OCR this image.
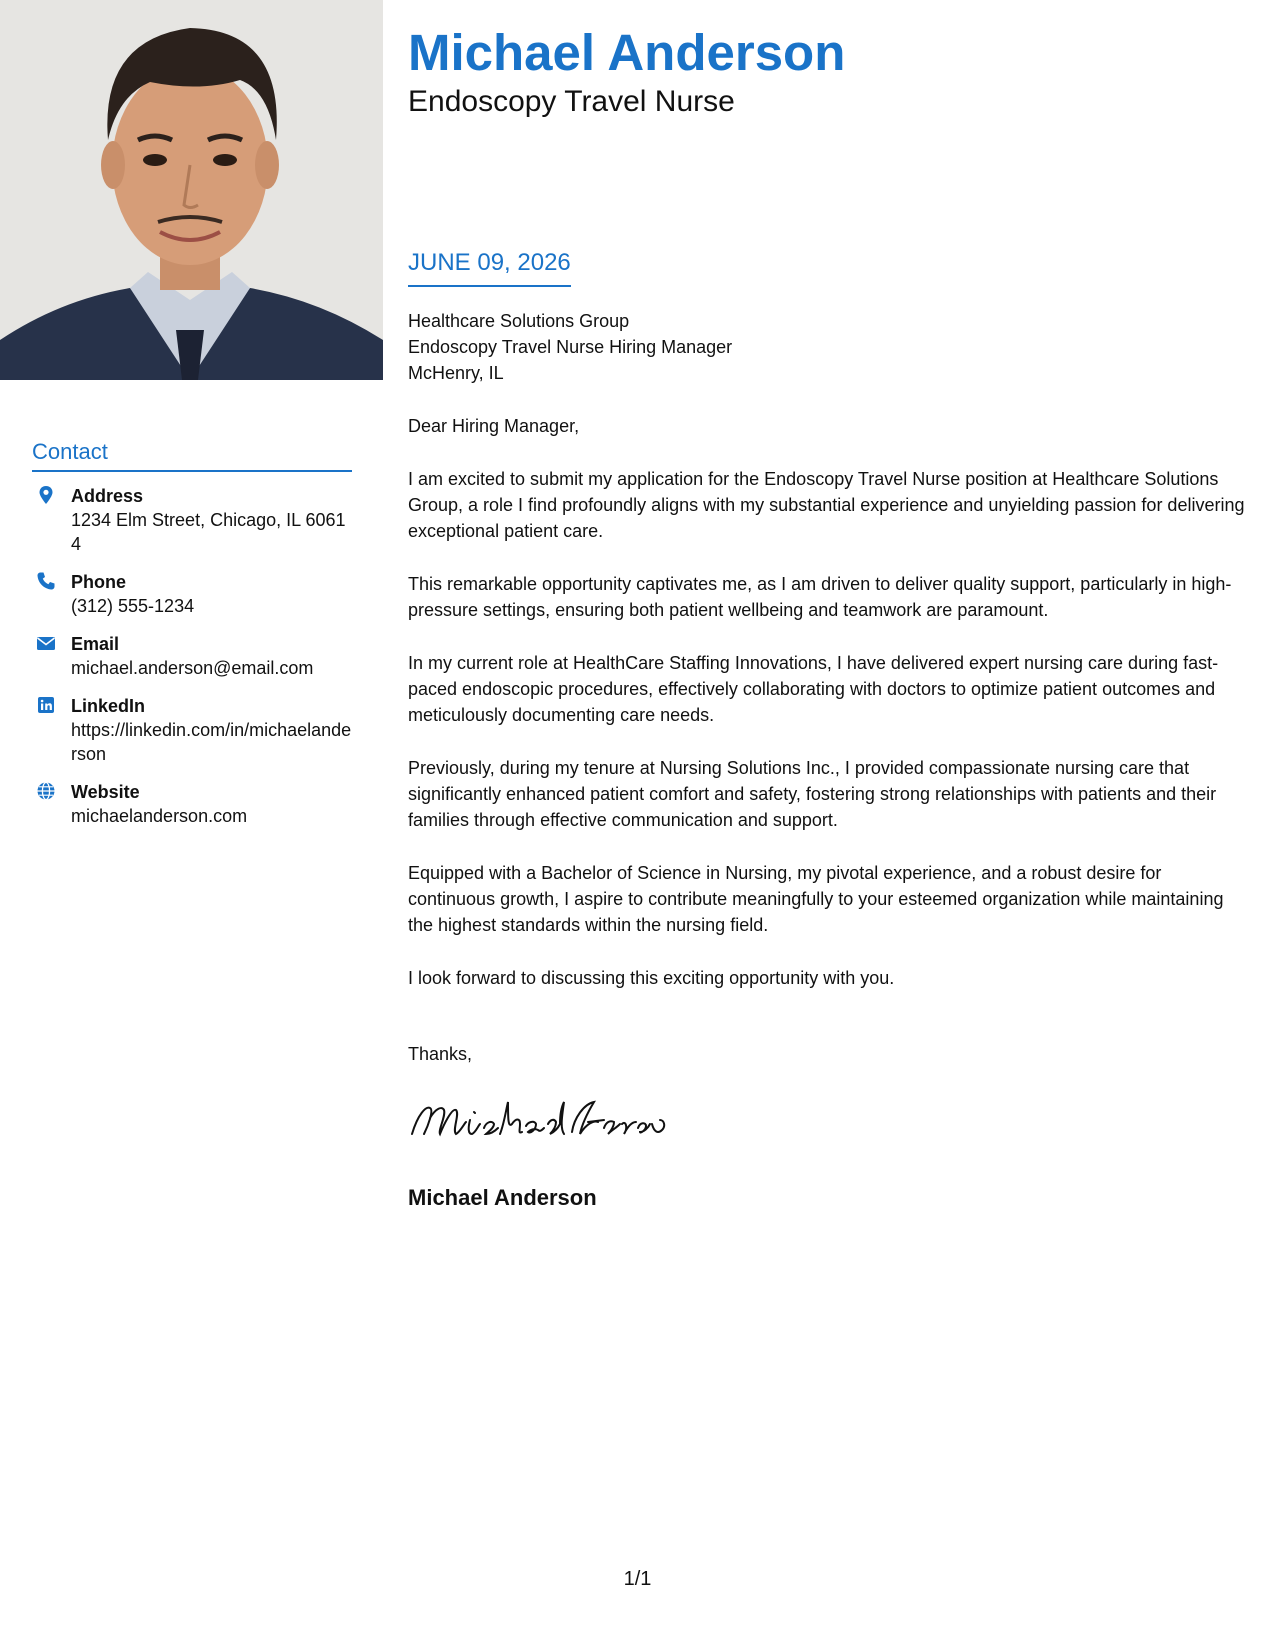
Contact
Address
1234 Elm Street, Chicago, IL 60614
Phone
(312) 555-1234
Email
michael.anderson@email.com
LinkedIn
https://linkedin.com/in/michaelanderson
Website
michaelanderson.com
Michael Anderson
Endoscopy Travel Nurse
JUNE 09, 2026
Healthcare Solutions Group
Endoscopy Travel Nurse Hiring Manager
McHenry, IL

Dear Hiring Manager,

I am excited to submit my application for the Endoscopy Travel Nurse position at Healthcare Solutions Group, a role I find profoundly aligns with my substantial experience and unyielding passion for delivering exceptional patient care.

This remarkable opportunity captivates me, as I am driven to deliver quality support, particularly in high-pressure settings, ensuring both patient wellbeing and teamwork are paramount.

In my current role at HealthCare Staffing Innovations, I have delivered expert nursing care during fast-paced endoscopic procedures, effectively collaborating with doctors to optimize patient outcomes and meticulously documenting care needs.

Previously, during my tenure at Nursing Solutions Inc., I provided compassionate nursing care that significantly enhanced patient comfort and safety, fostering strong relationships with patients and their families through effective communication and support.

Equipped with a Bachelor of Science in Nursing, my pivotal experience, and a robust desire for continuous growth, I aspire to contribute meaningfully to your esteemed organization while maintaining the highest standards within the nursing field.

I look forward to discussing this exciting opportunity with you.

Thanks,

Michael Anderson
1/1
